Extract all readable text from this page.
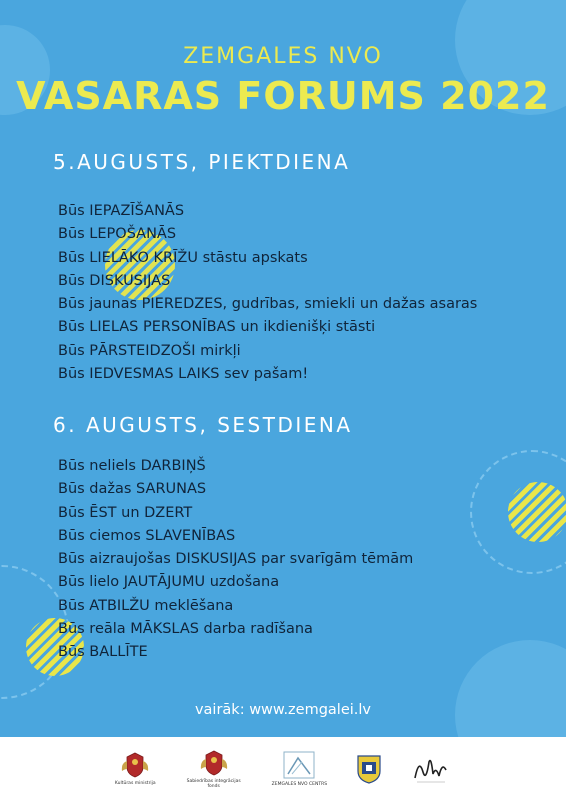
ZEMGALES NVO
VASARAS FORUMS 2022
5.AUGUSTS, PIEKTDIENA
Būs IEPAZĪŠANĀS
Būs LEPOŠANĀS
Būs LIELĀKO KRĪŽU stāstu apskats
Būs DISKUSIJAS
Būs jaunas PIEREDZES, gudrības, smiekli un dažas asaras
Būs LIELAS PERSONĪBAS un ikdienišķi stāsti
Būs PĀRSTEIDZOŠI mirkļi
Būs IEDVESMAS LAIKS sev pašam!
6. AUGUSTS, SESTDIENA
Būs neliels DARBIŅŠ
Būs dažas SARUNAS
Būs ĒST un DZERT
Būs ciemos SLAVENĪBAS
Būs aizraujošas DISKUSIJAS par svarīgām tēmām
Būs lielo JAUTĀJUMU uzdošana
Būs ATBILŽU meklēšana
Būs reāla MĀKSLAS darba radīšana
Būs BALLĪTE
vairāk: www.zemgalei.lv
Kultūras ministrija	Sabiedrības integrācijas fonds	ZEMGALES NVO CENTRS
